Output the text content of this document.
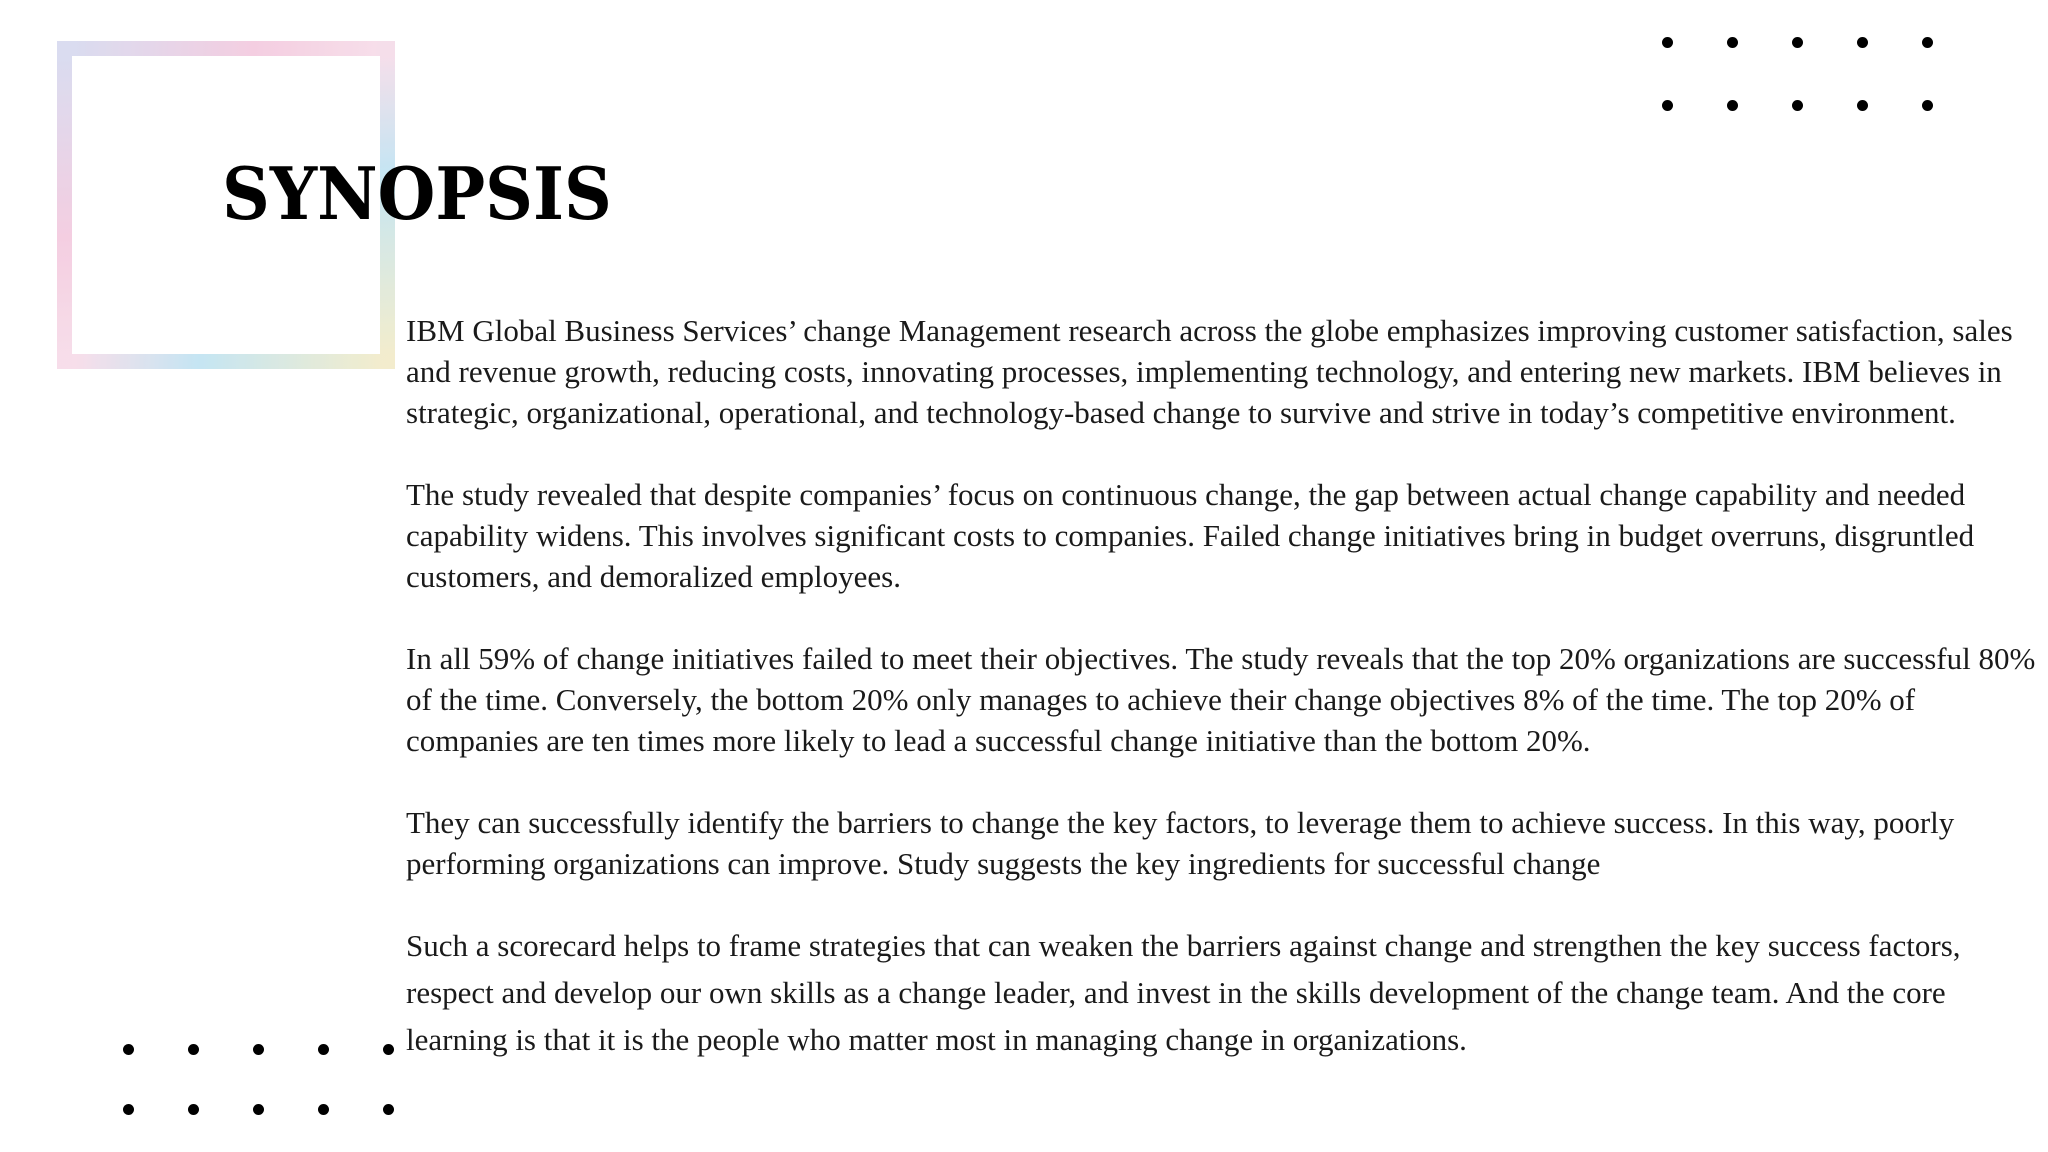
SYNOPSIS

IBM Global Business Services’ change Management research across the globe emphasizes improving customer satisfaction, sales and revenue growth, reducing costs, innovating processes, implementing technology, and entering new markets. IBM believes in strategic, organizational, operational, and technology-based change to survive and strive in today’s competitive environment.

The study revealed that despite companies’ focus on continuous change, the gap between actual change capability and needed capability widens. This involves significant costs to companies. Failed change initiatives bring in budget overruns, disgruntled customers, and demoralized employees.

In all 59% of change initiatives failed to meet their objectives. The study reveals that the top 20% organizations are successful 80% of the time. Conversely, the bottom 20% only manages to achieve their change objectives 8% of the time. The top 20% of companies are ten times more likely to lead a successful change initiative than the bottom 20%.

They can successfully identify the barriers to change the key factors, to leverage them to achieve success. In this way, poorly performing organizations can improve. Study suggests the key ingredients for successful change

Such a scorecard helps to frame strategies that can weaken the barriers against change and strengthen the key success factors, respect and develop our own skills as a change leader, and invest in the skills development of the change team. And the core learning is that it is the people who matter most in managing change in organizations.
